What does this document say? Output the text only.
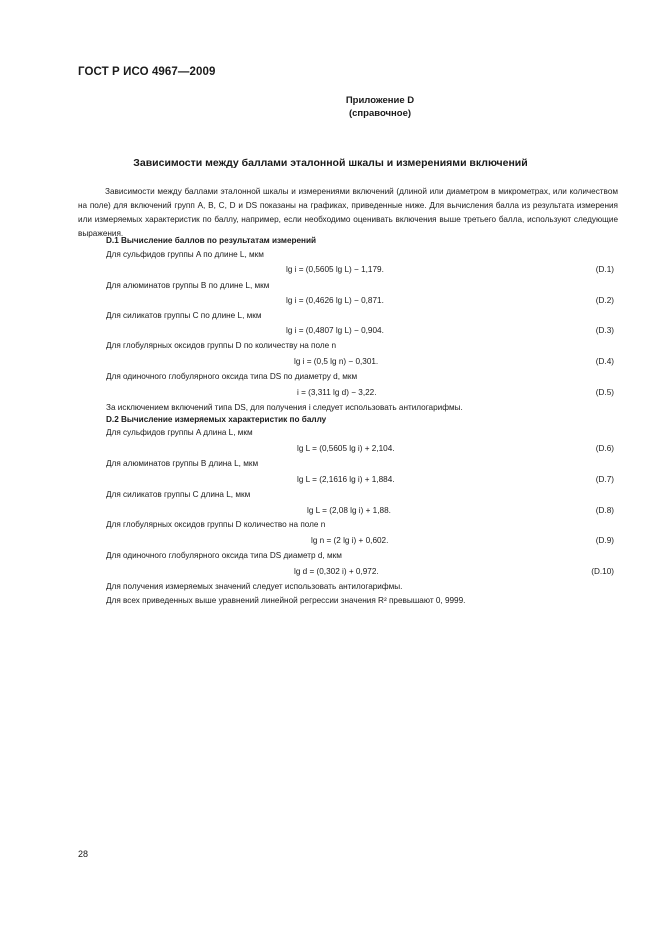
ГОСТ Р ИСО 4967—2009
Приложение D
(справочное)
Зависимости между баллами эталонной шкалы и измерениями включений

Зависимости между баллами эталонной шкалы и измерениями включений (длиной или диаметром в микрометрах, или количеством на поле) для включений групп A, B, C, D и DS показаны на графиках, приведенные ниже. Для вычисления балла из результата измерения или измеряемых характеристик по баллу, например, если необходимо оценивать включения выше третьего балла, используют следующие выражения.

D.1 Вычисление баллов по результатам измерений
Для сульфидов группы A по длине L, мкм
lg i = (0,5605 lg L) − 1,179.	(D.1)
Для алюминатов группы B по длине L, мкм
lg i = (0,4626 lg L) − 0,871.	(D.2)
Для силикатов группы C по длине L, мкм
lg i = (0,4807 lg L) − 0,904.	(D.3)
Для глобулярных оксидов группы D по количеству на поле n
lg i = (0,5 lg n) − 0,301.	(D.4)
Для одиночного глобулярного оксида типа DS по диаметру d, мкм
i = (3,311 lg d) − 3,22.	(D.5)
За исключением включений типа DS, для получения i следует использовать антилогарифмы.
D.2 Вычисление измеряемых характеристик по баллу
Для сульфидов группы A длина L, мкм
lg L = (0,5605 lg i) + 2,104.	(D.6)
Для алюминатов группы B длина L, мкм
lg L = (2,1616 lg i) + 1,884.	(D.7)
Для силикатов группы C длина L, мкм
lg L = (2,08 lg i) + 1,88.	(D.8)
Для глобулярных оксидов группы D количество на поле n
lg n = (2 lg i) + 0,602.	(D.9)
Для одиночного глобулярного оксида типа DS диаметр d, мкм
lg d = (0,302 i) + 0,972.	(D.10)
Для получения измеряемых значений следует использовать антилогарифмы.
Для всех приведенных выше уравнений линейной регрессии значения R² превышают 0, 9999.
28
